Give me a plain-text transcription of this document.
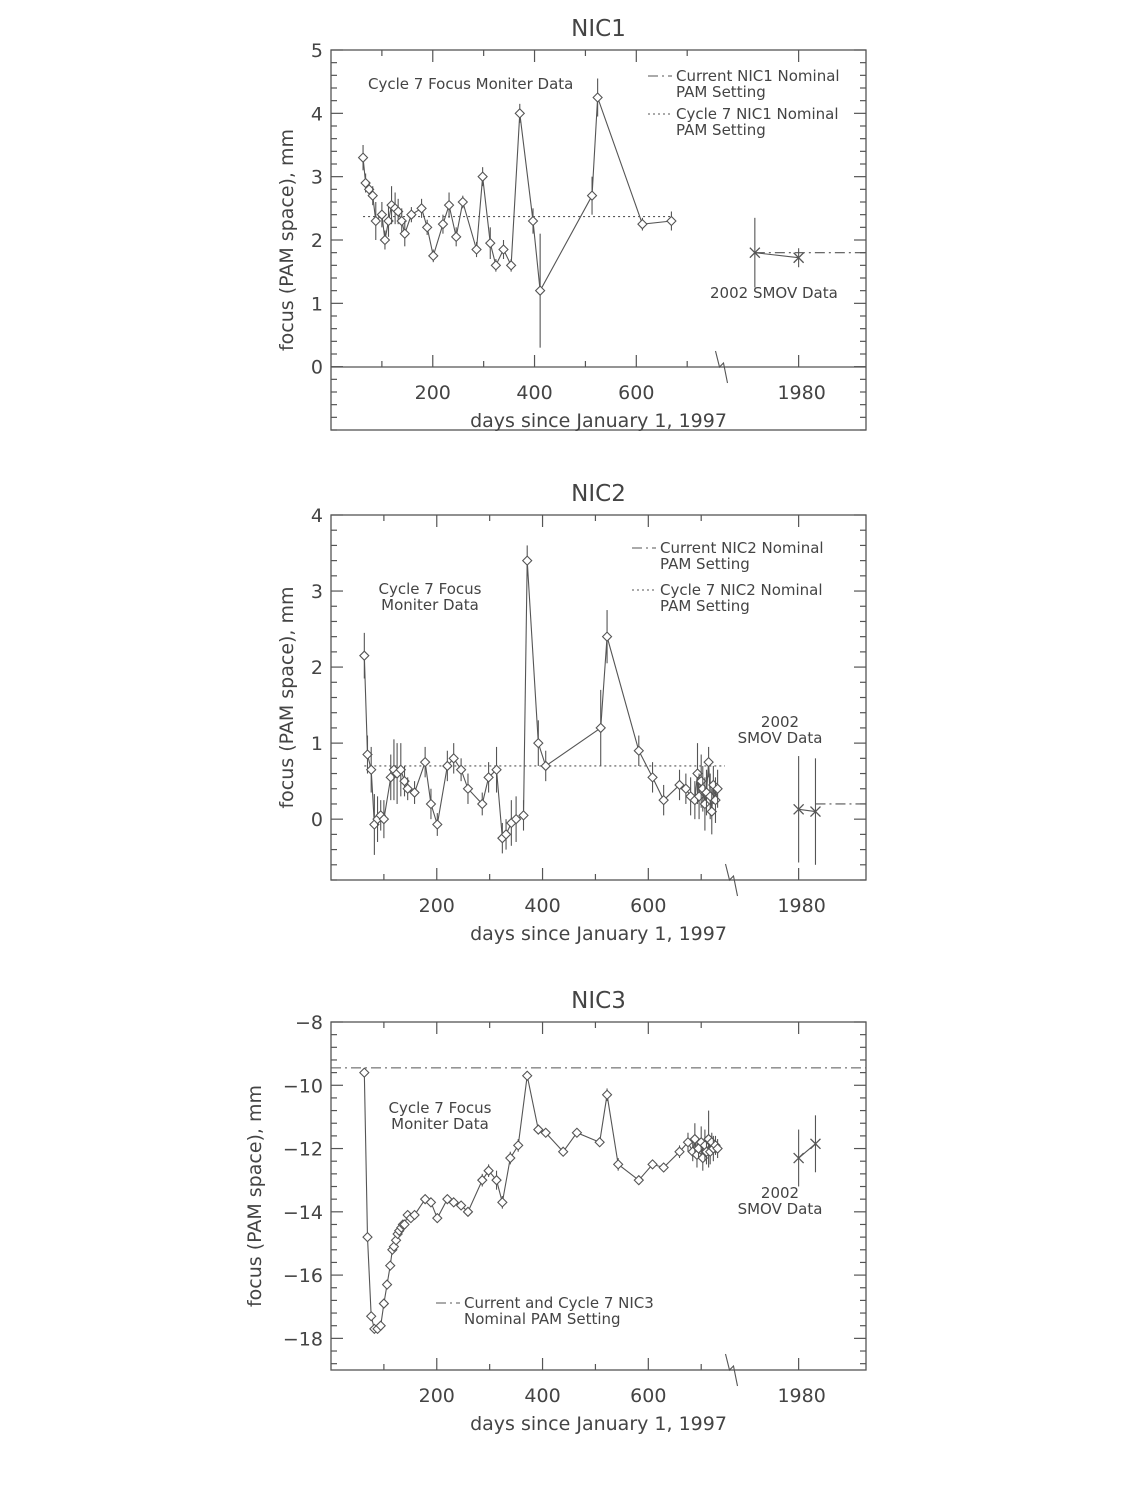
NIC1
0
1
2
3
4
5
200	400	600	1980
days since January 1, 1997
focus (PAM space), mm
Current NIC1 Nominal
PAM Setting
Cycle 7 NIC1 Nominal
PAM Setting
Cycle 7 Focus Moniter Data
2002 SMOV Data
NIC2
0
1
2
3
4
200	400	600	1980
days since January 1, 1997
focus (PAM space), mm
Current NIC2 Nominal
PAM Setting
Cycle 7 NIC2 Nominal
PAM Setting
Cycle 7 Focus
Moniter Data
2002
SMOV Data
NIC3
−8
−10
−12
−14
−16
−18
200	400	600	1980
days since January 1, 1997
focus (PAM space), mm	Current and Cycle 7 NIC3
Nominal PAM Setting
Cycle 7 Focus
Moniter Data
2002
SMOV Data
